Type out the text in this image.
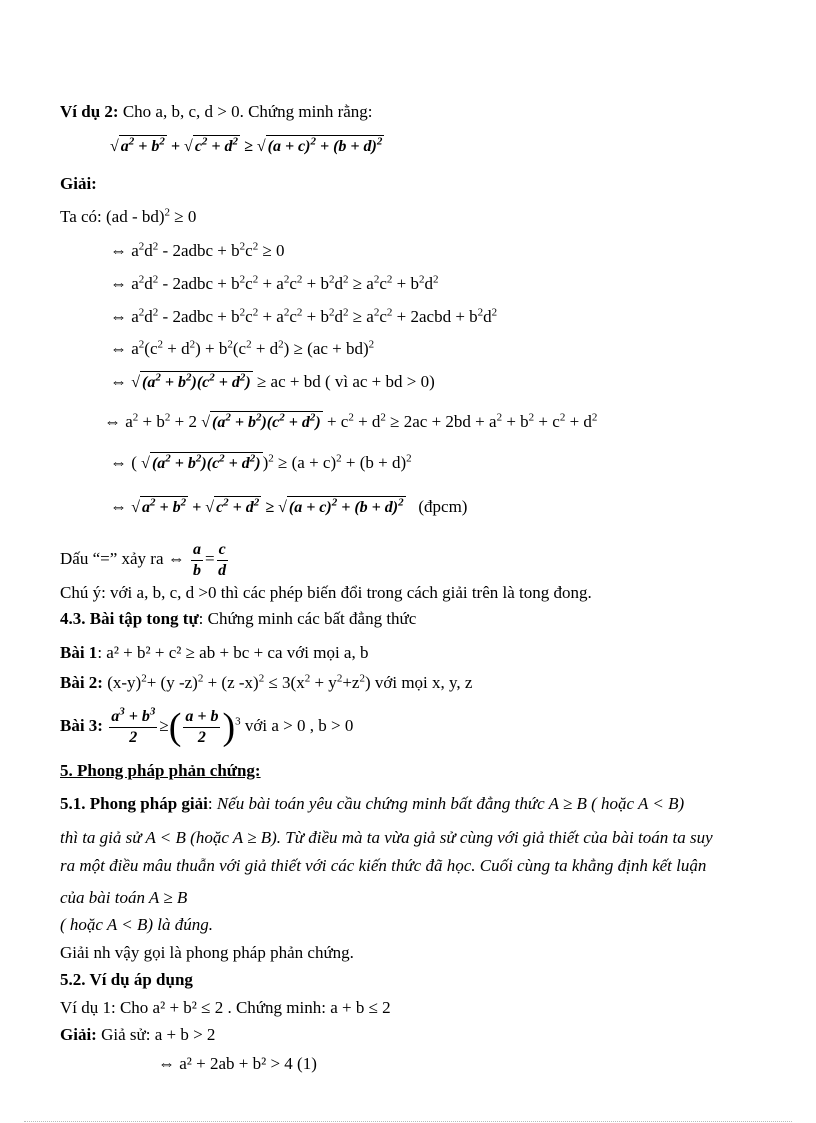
Ví dụ 2: Cho a, b, c, d > 0. Chứng minh rằng:
√ $a^2 + b^2$ + √ $c^2 + d^2$ ≥ √ $(a + c)^2 + (b + d)^2$
Giải:
Ta có: (ad - bd)$^2$ ≥ 0
⇔ $a^2d^2$ - 2adbc + $b^2c^2 \ge 0$
⇔ $a^2d^2$ - 2adbc + $b^2c^2 + a^2c^2 + b^2d^2 \ge a^2c^2 + b^2d^2$
⇔ $a^2d^2$ - 2adbc + $b^2c^2 + a^2c^2 + b^2d^2 \ge a^2c^2$ + 2acbd + $b^2d^2$
⇔ $a^2(c^2 + d^2) + b^2(c^2 + d^2) \ge (ac + bd)^2$
⇔ √ $(a^2 + b^2)(c^2 + d^2)$ ≥ ac + bd ( vì ac + bd > 0)
⇔ $a^2 + b^2 + 2$ √ $(a^2 + b^2)(c^2 + d^2) + c^2 + d^2 \ge 2ac + 2bd + a^2 + b^2 + c^2 + d^2$
⇔ ( √ $(a^2 + b^2)(c^2 + d^2) )^2 \ge (a + c)^2 + (b + d)^2$
⇔ √ $a^2 + b^2$ + √ $c^2 + d^2$ ≥ √ $(a + c)^2 + (b + d)^2$ (đpcm)
Dấu “=” xảy ra ⇔ $\frac{a}{b} = \frac{c}{d}$
Chú ý: với a, b, c, d >0 thì các phép biến đổi trong cách giải trên là tong đong.
4.3. Bài tập tong tự: Chứng minh các bất đẳng thức
Bài 1: a² + b² + c² ≥ ab + bc + ca với mọi a, b
Bài 2: $(x-y)^2+ (y$ -z)$^2$ + (z $-x)^2 \le 3(x^2 + y^2+z^2)$ với mọi x, y, z
Bài 3: $\frac{a^3 + b^3}{2}$ ≥( $\frac{a + b}{2} )^3$ với a > 0 , b > 0
5. Phong pháp phản chứng:
5.1. Phong pháp giải: Nếu bài toán yêu cầu chứng minh bất đẳng thức A ≥ B ( hoặc A < B)
thì ta giả sử A < B (hoặc A ≥ B). Từ điều mà ta vừa giả sử cùng với giả thiết của bài toán ta suy
ra một điều mâu thuẫn với giả thiết với các kiến thức đã học. Cuối cùng ta khẳng định kết luận
của bài toán A ≥ B
( hoặc A < B) là đúng.
Giải nh vậy gọi là phong pháp phản chứng.
5.2. Ví dụ áp dụng
Ví dụ 1: Cho a² + b² ≤ 2 . Chứng minh: a + b ≤ 2
Giải: Giả sử: a + b > 2
⇔ a² + 2ab + b² > 4 (1)
